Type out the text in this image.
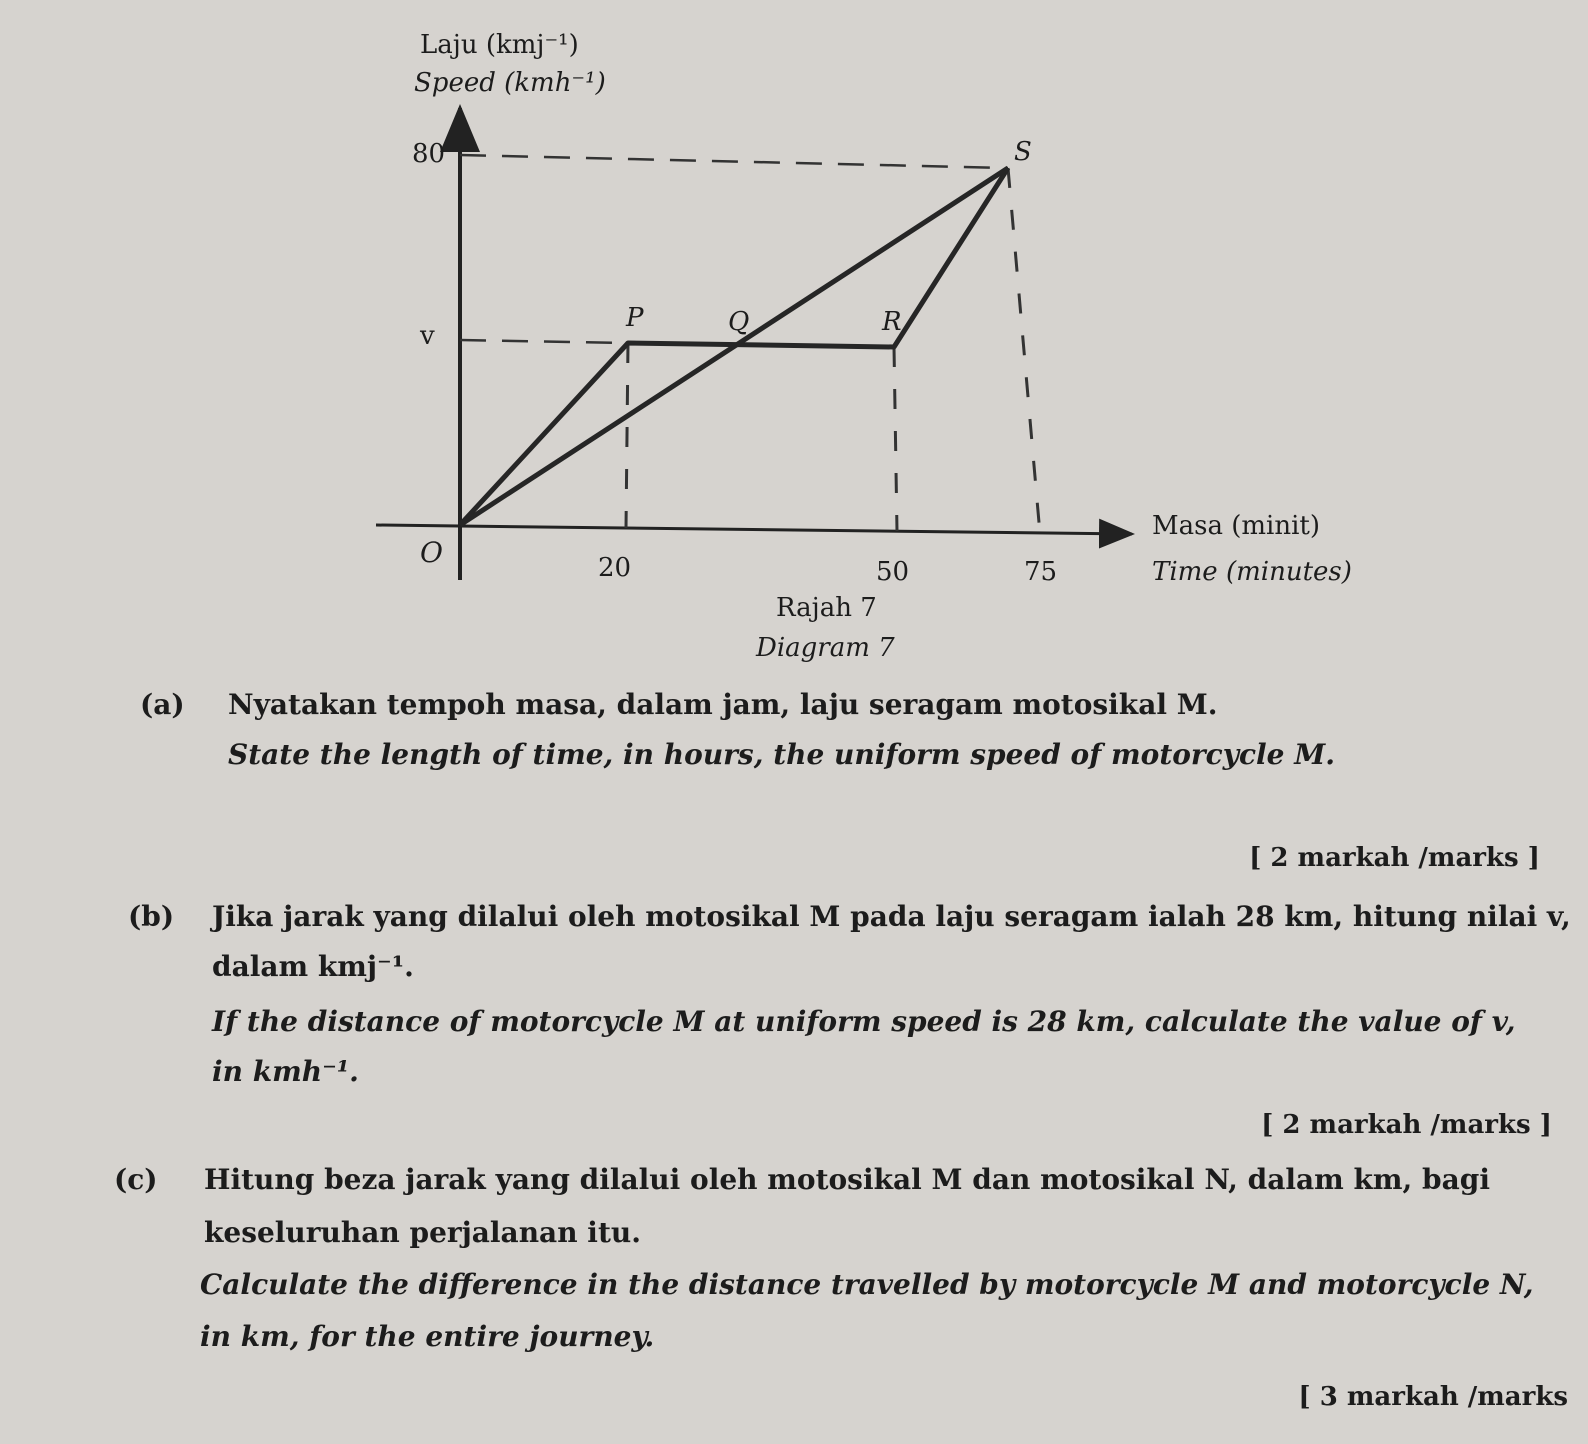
Laju (kmj⁻¹)
Speed (kmh⁻¹)
O
80
v
20	50	75
P	Q	R
S
Masa (minit)
Time (minutes)
Rajah 7
Diagram 7
(a) Nyatakan tempoh masa, dalam jam, laju seragam motosikal M.
State the length of time, in hours, the uniform speed of motorcycle M.
[ 2 markah /marks ]
(b) Jika jarak yang dilalui oleh motosikal M pada laju seragam ialah 28 km, hitung nilai v,
dalam kmj⁻¹.
If the distance of motorcycle M at uniform speed is 28 km, calculate the value of v,
in kmh⁻¹.
[ 2 markah /marks ]
(c) Hitung beza jarak yang dilalui oleh motosikal M dan motosikal N, dalam km, bagi
keseluruhan perjalanan itu.
Calculate the difference in the distance travelled by motorcycle M and motorcycle N,
in km, for the entire journey.
[ 3 markah /marks
